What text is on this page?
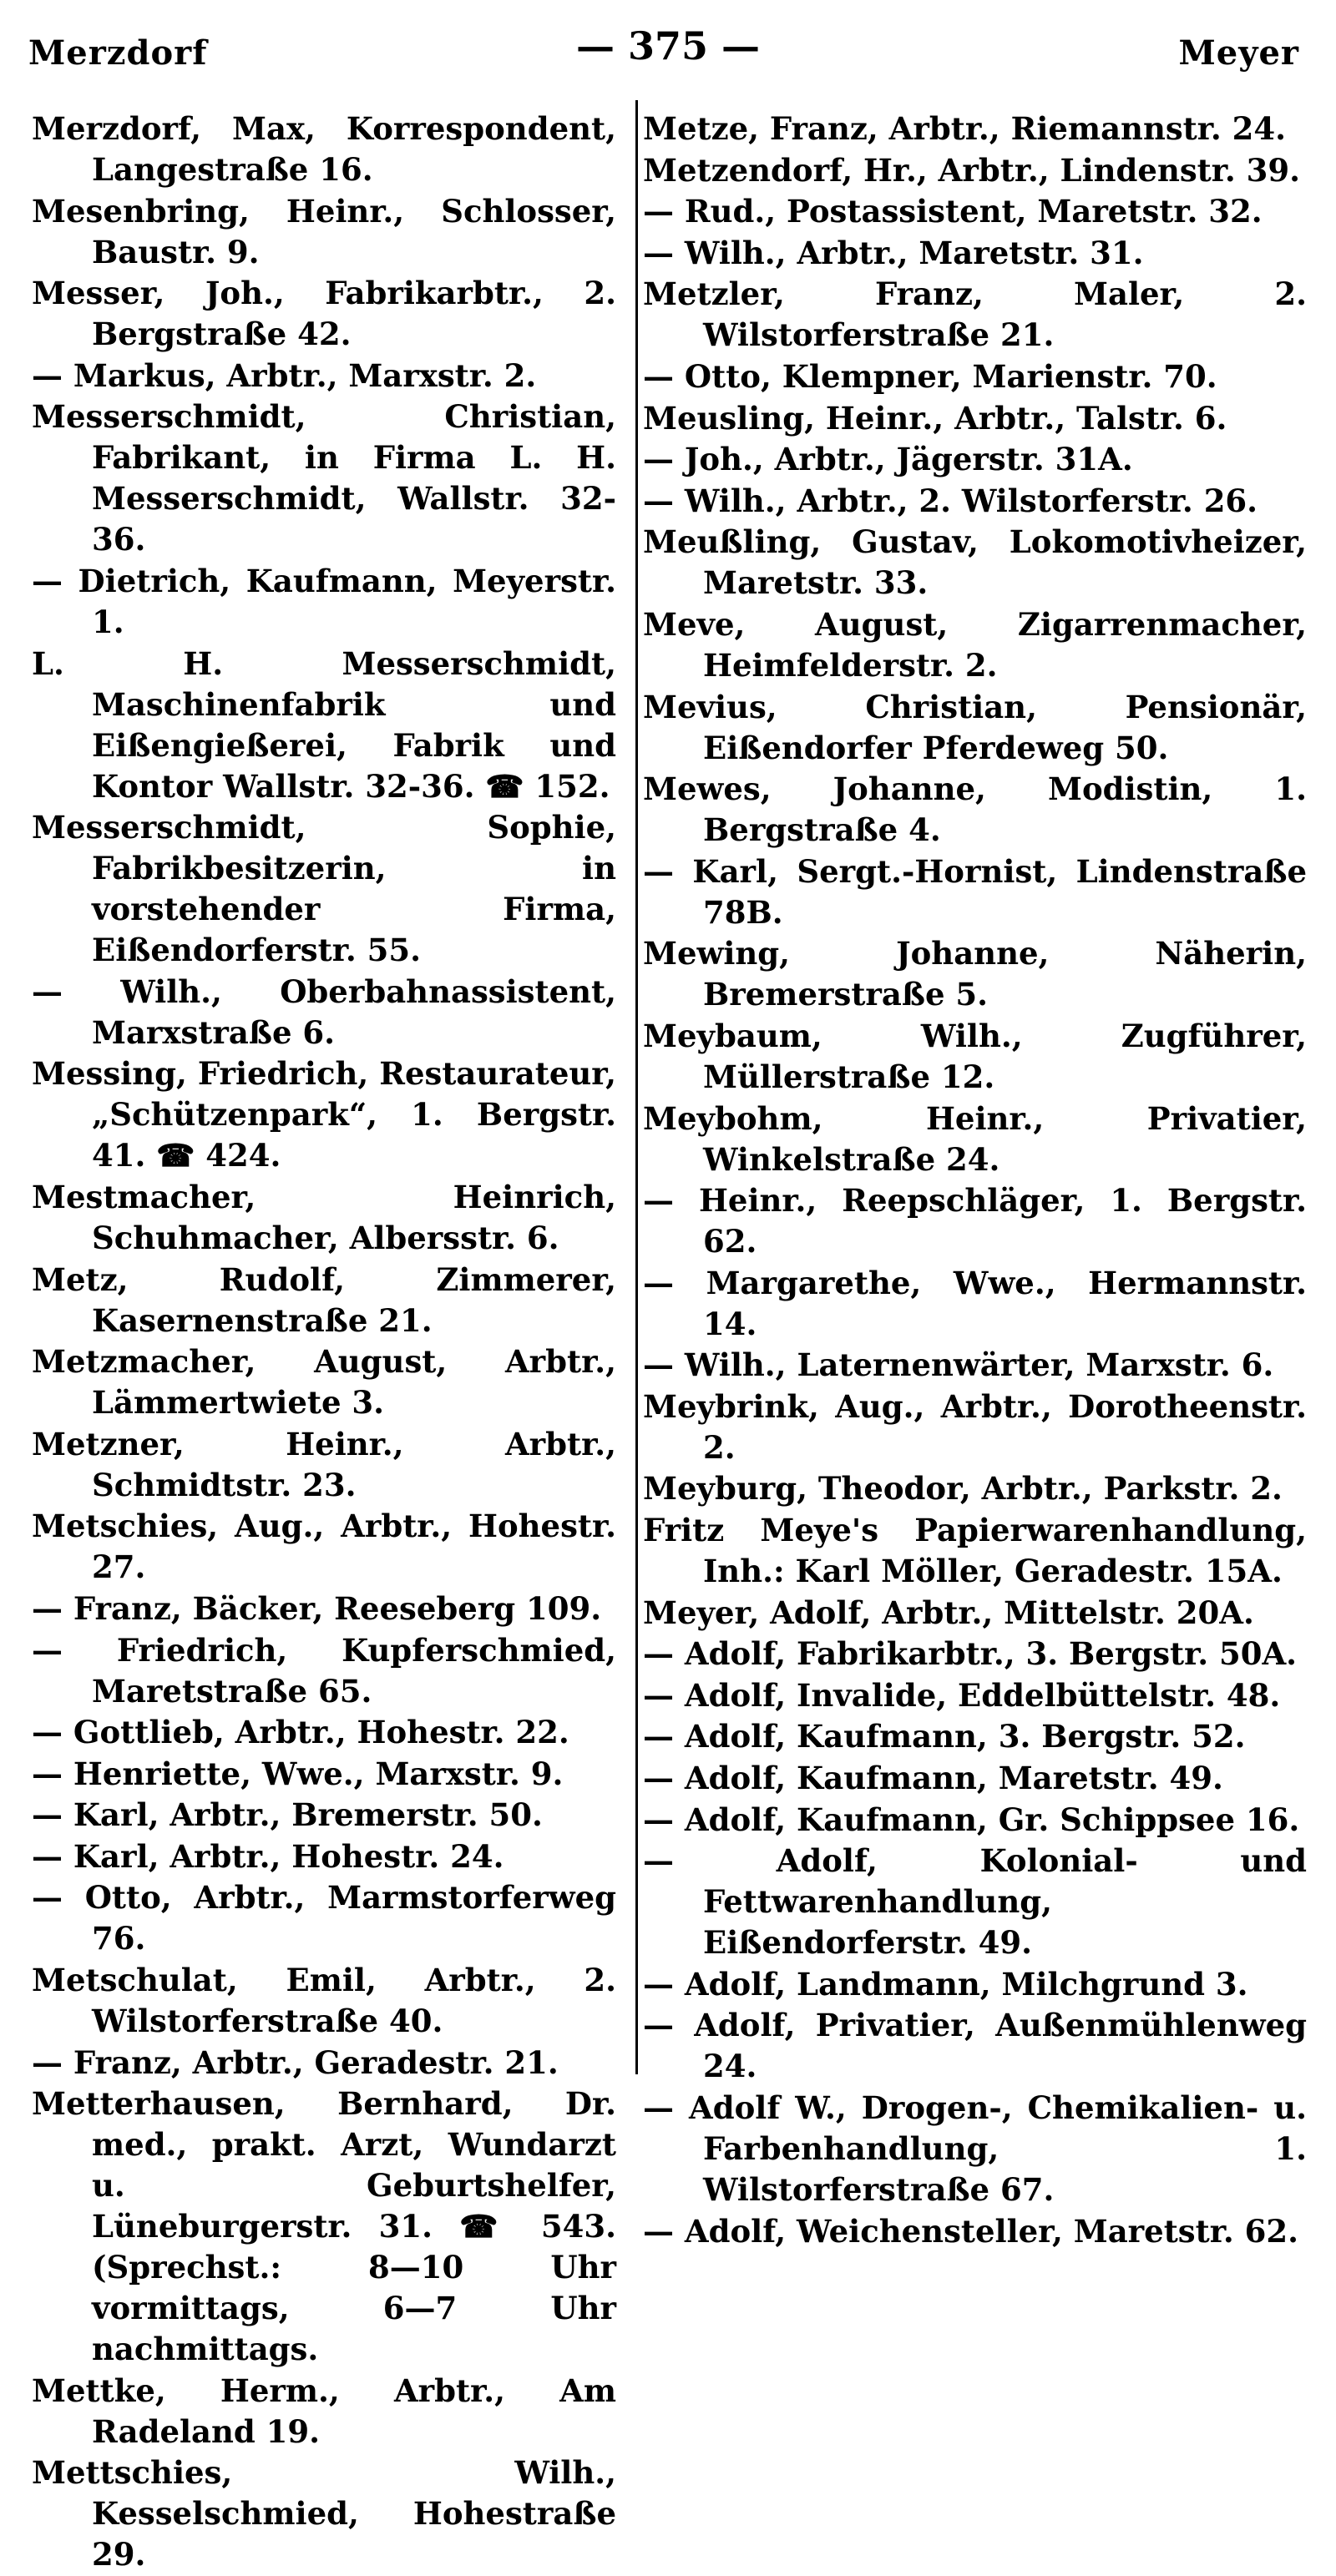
Merzdorf	— 375 —	Meyer

Merzdorf, Max, Korrespondent, Langestraße 16.

Mesenbring, Heinr., Schlosser, Baustr. 9.

Messer, Joh., Fabrikarbtr., 2. Bergstraße 42.

— Markus, Arbtr., Marxstr. 2.

Messerschmidt, Christian, Fabrikant, in Firma L. H. Messerschmidt, Wallstr. 32-36.

— Dietrich, Kaufmann, Meyerstr. 1.

L. H. Messerschmidt, Maschinenfabrik und Eißengießerei, Fabrik und Kontor Wallstr. 32-36. ☎ 152.

Messerschmidt, Sophie, Fabrikbesitzerin, in vorstehender Firma, Eißendorferstr. 55.

— Wilh., Oberbahnassistent, Marxstraße 6.

Messing, Friedrich, Restaurateur, „Schützenpark“, 1. Bergstr. 41. ☎ 424.

Mestmacher, Heinrich, Schuhmacher, Albersstr. 6.

Metz, Rudolf, Zimmerer, Kasernenstraße 21.

Metzmacher, August, Arbtr., Lämmertwiete 3.

Metzner, Heinr., Arbtr., Schmidtstr. 23.

Metschies, Aug., Arbtr., Hohestr. 27.

— Franz, Bäcker, Reeseberg 109.

— Friedrich, Kupferschmied, Maretstraße 65.

— Gottlieb, Arbtr., Hohestr. 22.

— Henriette, Wwe., Marxstr. 9.

— Karl, Arbtr., Bremerstr. 50.

— Karl, Arbtr., Hohestr. 24.

— Otto, Arbtr., Marmstorferweg 76.

Metschulat, Emil, Arbtr., 2. Wilstorferstraße 40.

— Franz, Arbtr., Geradestr. 21.

Metterhausen, Bernhard, Dr. med., prakt. Arzt, Wundarzt u. Geburtshelfer, Lüneburgerstr. 31. ☎ 543. (Sprechst.: 8—10 Uhr vormittags, 6—7 Uhr nachmittags.

Mettke, Herm., Arbtr., Am Radeland 19.

Mettschies, Wilh., Kesselschmied, Hohestraße 29.

Metze, Franz, Arbtr., Riemannstr. 24.

Metzendorf, Hr., Arbtr., Lindenstr. 39.

— Rud., Postassistent, Maretstr. 32.

— Wilh., Arbtr., Maretstr. 31.

Metzler, Franz, Maler, 2. Wilstorferstraße 21.

— Otto, Klempner, Marienstr. 70.

Meusling, Heinr., Arbtr., Talstr. 6.

— Joh., Arbtr., Jägerstr. 31A.

— Wilh., Arbtr., 2. Wilstorferstr. 26.

Meußling, Gustav, Lokomotivheizer, Maretstr. 33.

Meve, August, Zigarrenmacher, Heimfelderstr. 2.

Mevius, Christian, Pensionär, Eißendorfer Pferdeweg 50.

Mewes, Johanne, Modistin, 1. Bergstraße 4.

— Karl, Sergt.-Hornist, Lindenstraße 78B.

Mewing, Johanne, Näherin, Bremerstraße 5.

Meybaum, Wilh., Zugführer, Müllerstraße 12.

Meybohm, Heinr., Privatier, Winkelstraße 24.

— Heinr., Reepschläger, 1. Bergstr. 62.

— Margarethe, Wwe., Hermannstr. 14.

— Wilh., Laternenwärter, Marxstr. 6.

Meybrink, Aug., Arbtr., Dorotheenstr. 2.

Meyburg, Theodor, Arbtr., Parkstr. 2.

Fritz Meye's Papierwarenhandlung, Inh.: Karl Möller, Geradestr. 15A.

Meyer, Adolf, Arbtr., Mittelstr. 20A.

— Adolf, Fabrikarbtr., 3. Bergstr. 50A.

— Adolf, Invalide, Eddelbüttelstr. 48.

— Adolf, Kaufmann, 3. Bergstr. 52.

— Adolf, Kaufmann, Maretstr. 49.

— Adolf, Kaufmann, Gr. Schippsee 16.

— Adolf, Kolonial- und Fettwarenhandlung, Eißendorferstr. 49.

— Adolf, Landmann, Milchgrund 3.

— Adolf, Privatier, Außenmühlenweg 24.

— Adolf W., Drogen-, Chemikalien- u. Farbenhandlung, 1. Wilstorferstraße 67.

— Adolf, Weichensteller, Maretstr. 62.
